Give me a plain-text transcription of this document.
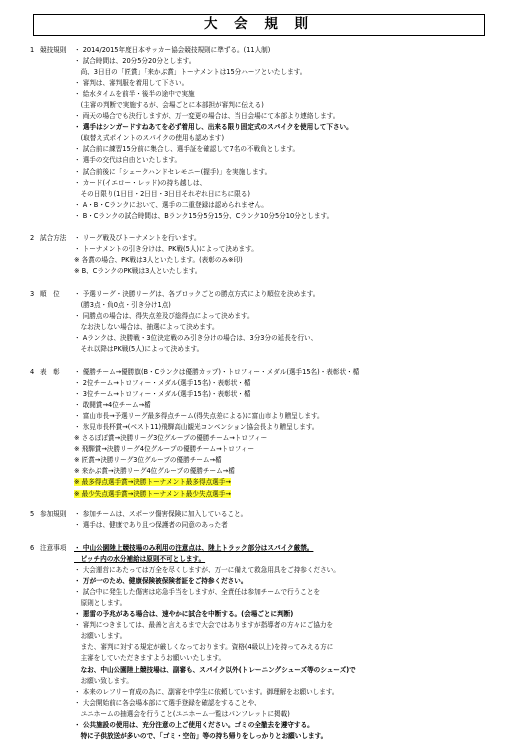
大 会 規 則
1 競技規則 ・ 2014/2015年度日本サッカー協会競技規則に準ずる。(11人制)
・ 試合時間は、20分5分20分とします。
　尚、3日目の「匠賞」「来かぶ賞」トーナメントは15分ハーフといたします。
・ 審判は、審判服を着用して下さい。
・ 給水タイムを前半・後半の途中で実施
　(主審の判断で実施するが、会場ごとに本部担が審判に伝える)
・ 両天の場合でも決行しますが、万一変更の場合は、当日会場にて本部より連絡します。
・ 選手はシンガードすねあてを必ず着用し、出来る限り固定式のスパイクを使用して下さい。
　(取替え式ポイントのスパイクの使用も認めます)
・ 試合前に練習15分前に集合し、選手証を確認して7名の不戦負とします。
・ 選手の交代は自由といたします。
・ 試合前後に「シェークハンドセレモニー(握手)」を実施します。
・ カード(イエロー・レッド)の持ち越しは、
　その日限り(1日目・2日目・3日目それぞれ日にちに限る)
・ A・B・Cランクにおいて、選手の二重登録は認められません。
・ B・Cランクの試合時間は、Bランク15分5分15分、Cランク10分5分10分とします。
2 試合方法 ・ リーグ戦及びトーナメントを行います。
・ トーナメントの引き分けは、PK戦(5人)によって決めます。
※ 各賞の場合、PK戦は3人といたします。(表彰のみ※印)
※ B、CランクのPK戦は3人といたします。
3 順　位 ・ 予選リーグ・決勝リーグは、各ブロックごとの勝点方式により順位を決めます。
　(勝3点・負0点・引き分け1点)
・ 同勝点の場合は、得失点差及び総得点によって決めます。
　なお決しない場合は、抽選によって決めます。
・ Aランクは、決勝戦・3位決定戦のみ引き分けの場合は、3分3分の延長を行い、
　それ以降はPK戦(5人)によって決めます。
4 表　彰 ・ 優勝チーム→優勝旗(B・Cランクは優勝カップ)・トロフィー・メダル(選手15名)・表彰状・楯
・ 2位チーム→トロフィー・メダル(選手15名)・表彰状・楯
・ 3位チーム→トロフィー・メダル(選手15名)・表彰状・楯
・ 敢闘賞→4位チーム→楯
・ 富山市長→予選リーグ最多得点チーム(得失点差による)に富山市より贈呈します。
・ 氷見市長杯賞→(ベスト11)飛騨高山観光コンベンション協会長より贈呈します。
※ さるぼぼ賞→決勝リーグ3位グループの優勝チーム→トロフィー
※ 飛騨賞→決勝リーグ4位グループの優勝チーム→トロフィー
※ 匠賞→決勝リーグ3位グループの優勝チーム→楯
※ 来かぶ賞→決勝リーグ4位グループの優勝チーム→楯
※ 最多得点選手賞→決勝トーナメント最多得点選手→
※ 最少失点選手賞→決勝トーナメント最少失点選手→
5 参加規則 ・ 参加チームは、スポーツ傷害保険に加入していること。
・ 選手は、健康であり且つ保護者の同意のあった者
6 注意事項 ・ 中山公園陸上競技場のみ利用の注意点は、陸上トラック部分はスパイク厳禁。
　ピッチ内の水分補給は原則不可とします。
・ 大会運営にあたっては万全を尽くしますが、万一に備えて救急用具をご持参ください。
・ 万が一のため、健康保険被保険者証をご持参ください。
・ 試合中に発生した傷害は応急手当をしますが、全責任は参加チームで行うことを
　原則とします。
・ 悪雷の予兆がある場合は、速やかに試合を中断する。(会場ごとに判断)
・ 審判につきましては、最善と言えるまで大会ではありますが指導者の方々にご協力を
　お願いします。
　また、審判に対する規定が厳しくなっております。資格(4級以上)を持ってみえる方に
　主審をしていただきますようお願いいたします。
　なお、中山公園陸上競技場は、副審も、スパイク以外(トレーニングシューズ等のシューズ)で
　お願い致します。
・ 本来のレフリー育成の為に、副審を中学生に依頼しています。御理解をお願いします。
・ 大会開始前に各会場本部にて選手登録を確認をすることや、
　ユニホームの抽選会を行うこと(ユニホーム一覧はパンフレットに掲載)
・ 公共施設の使用は、充分注意の上ご使用ください。ゴミの全撤去を遵守する。
　特に子供放送が多いので、「ゴミ・空缶」等の持ち帰りをしっかりとお願いします。
